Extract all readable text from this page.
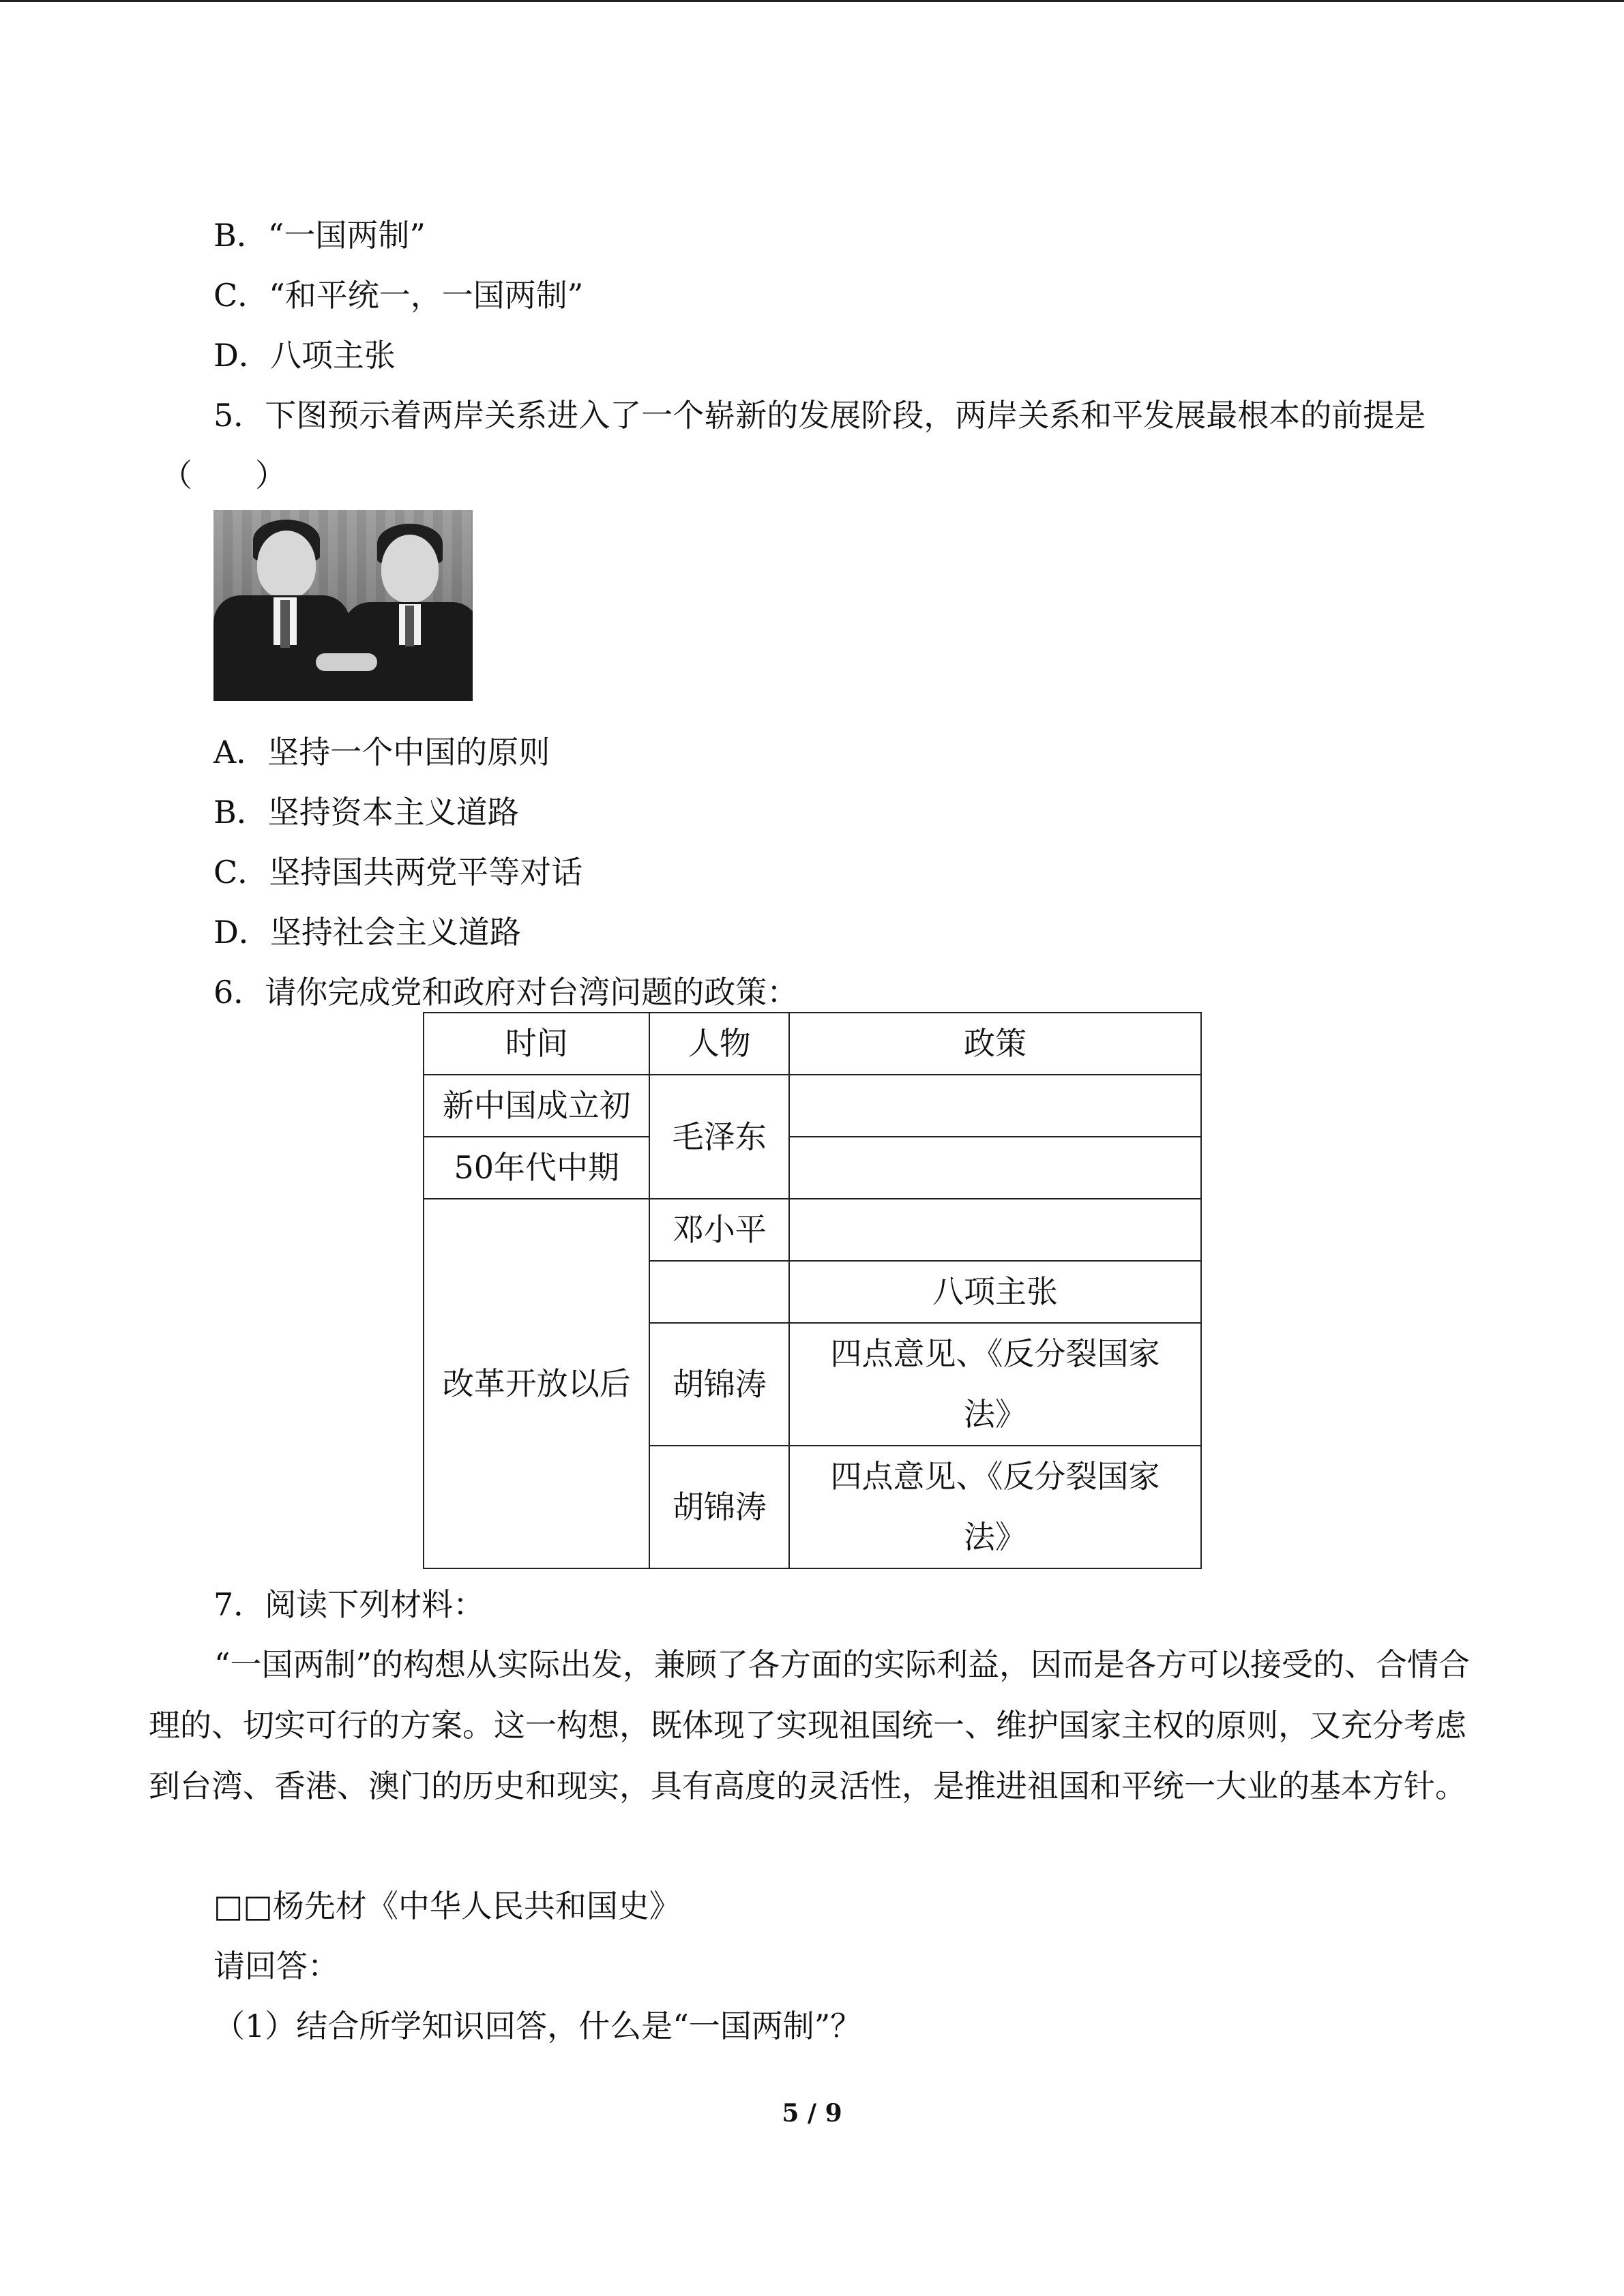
B．“一国两制”
C．“和平统一，一国两制”
D．八项主张
5．下图预示着两岸关系进入了一个崭新的发展阶段，两岸关系和平发展最根本的前提是
（　　）
A．坚持一个中国的原则
B．坚持资本主义道路
C．坚持国共两党平等对话
D．坚持社会主义道路
6．请你完成党和政府对台湾问题的政策：
时间	人物	政策
新中国成立初	毛泽东	
50年代中期		
改革开放以后	邓小平	
		八项主张
	胡锦涛	四点意见、《反分裂国家
法》

	胡锦涛	四点意见、《反分裂国家
法》
7．阅读下列材料：
“一国两制”的构想从实际出发，兼顾了各方面的实际利益，因而是各方可以接受的、合情合理的、切实可行的方案。这一构想，既体现了实现祖国统一、维护国家主权的原则，又充分考虑到台湾、香港、澳门的历史和现实，具有高度的灵活性，是推进祖国和平统一大业的基本方针。
□□杨先材《中华人民共和国史》
请回答：
（1）结合所学知识回答，什么是“一国两制”？
5 / 9
